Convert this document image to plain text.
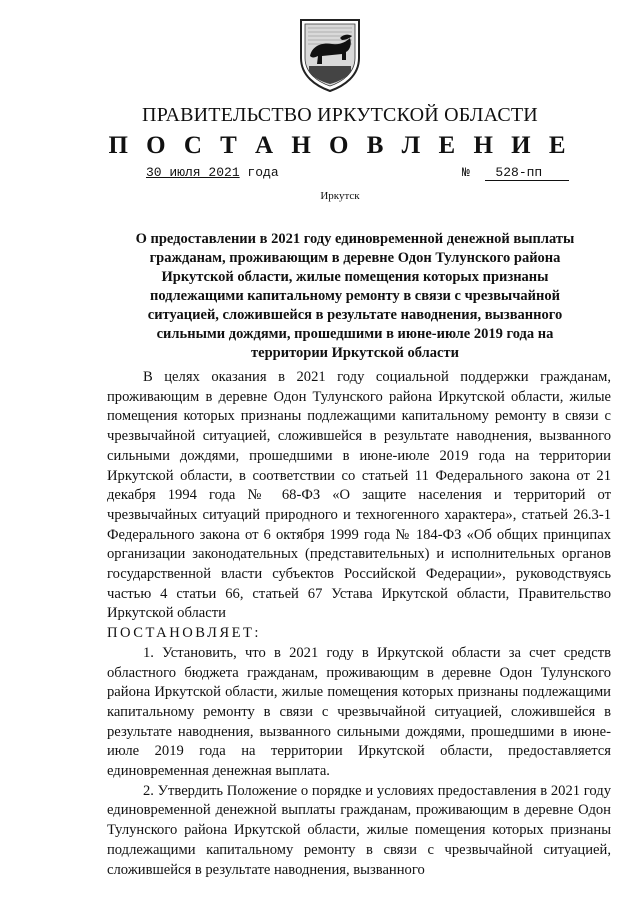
ПРАВИТЕЛЬСТВО ИРКУТСКОЙ ОБЛАСТИ
П О С Т А Н О В Л Е Н И Е
30 июля 2021 года	№ 528-пп
Иркутск
О предоставлении в 2021 году единовременной денежной выплаты гражданам, проживающим в деревне Одон Тулунского района Иркутской области, жилые помещения которых признаны подлежащими капитальному ремонту в связи с чрезвычайной ситуацией, сложившейся в результате наводнения, вызванного сильными дождями, прошедшими в июне-июле 2019 года на территории Иркутской области

В целях оказания в 2021 году социальной поддержки гражданам, проживающим в деревне Одон Тулунского района Иркутской области, жилые помещения которых признаны подлежащими капитальному ремонту в связи с чрезвычайной ситуацией, сложившейся в результате наводнения, вызванного сильными дождями, прошедшими в июне-июле 2019 года на территории Иркутской области, в соответствии со статьей 11 Федерального закона от 21 декабря 1994 года № 68-ФЗ «О защите населения и территорий от чрезвычайных ситуаций природного и техногенного характера», статьей 26.3-1 Федерального закона от 6 октября 1999 года № 184-ФЗ «Об общих принципах организации законодательных (представительных) и исполнительных органов государственной власти субъектов Российской Федерации», руководствуясь частью 4 статьи 66, статьей 67 Устава Иркутской области, Правительство Иркутской области

ПОСТАНОВЛЯЕТ:

1. Установить, что в 2021 году в Иркутской области за счет средств областного бюджета гражданам, проживающим в деревне Одон Тулунского района Иркутской области, жилые помещения которых признаны подлежащими капитальному ремонту в связи с чрезвычайной ситуацией, сложившейся в результате наводнения, вызванного сильными дождями, прошедшими в июне-июле 2019 года на территории Иркутской области, предоставляется единовременная денежная выплата.

2. Утвердить Положение о порядке и условиях предоставления в 2021 году единовременной денежной выплаты гражданам, проживающим в деревне Одон Тулунского района Иркутской области, жилые помещения которых признаны подлежащими капитальному ремонту в связи с чрезвычайной ситуацией, сложившейся в результате наводнения, вызванного
